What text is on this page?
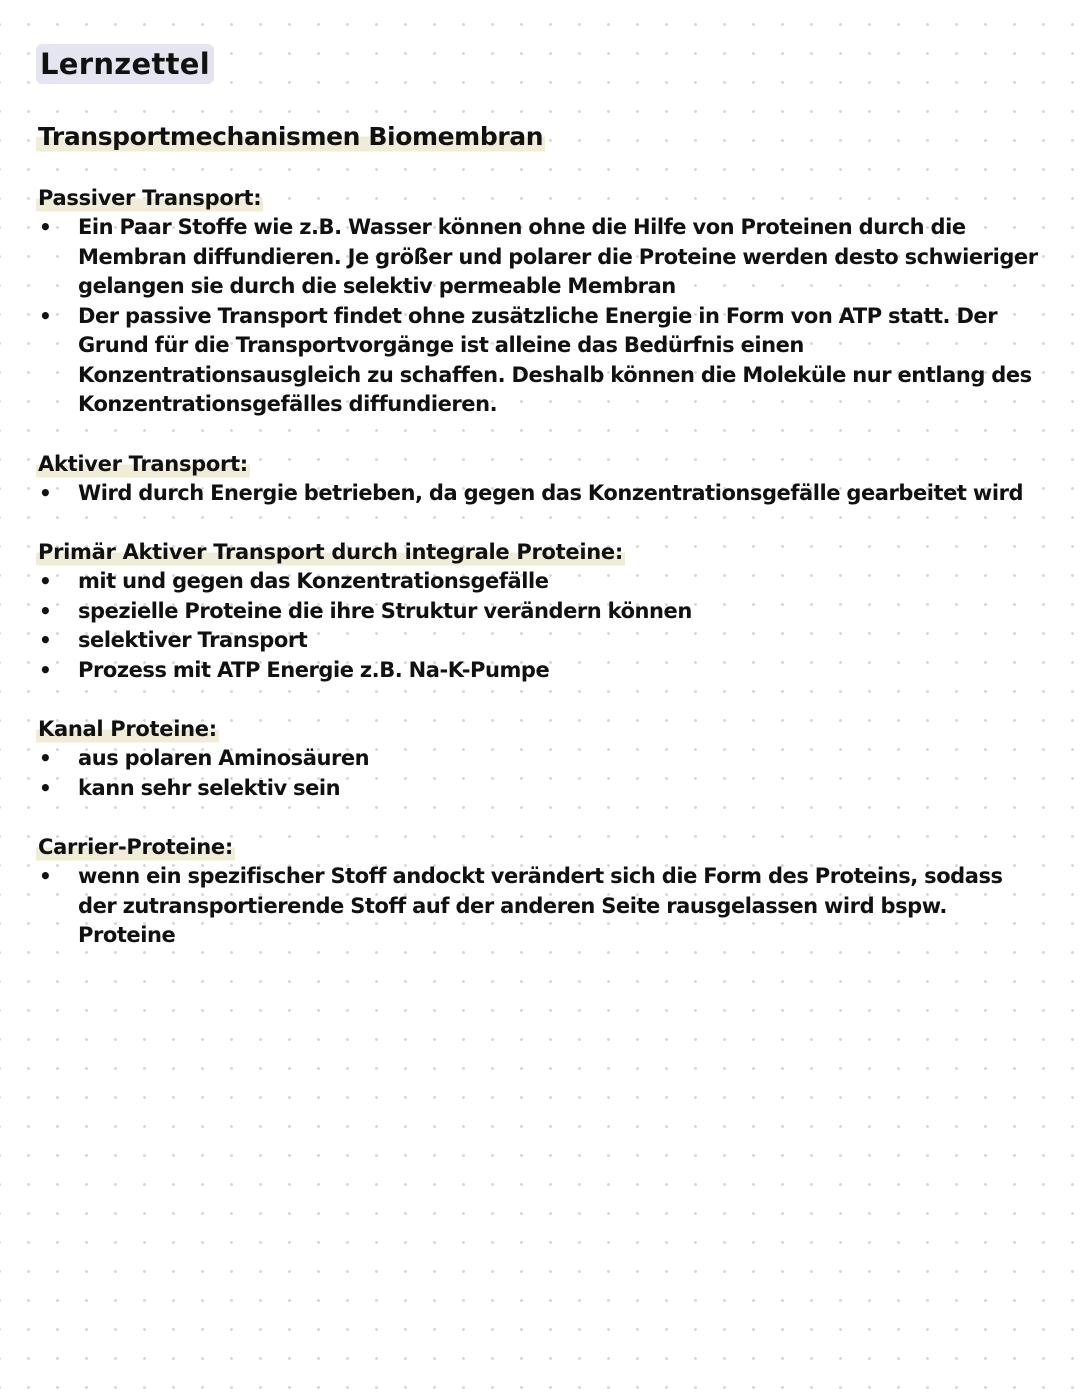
Lernzettel
Transportmechanismen Biomembran
Passiver Transport:
• Ein Paar Stoffe wie z.B. Wasser können ohne die Hilfe von Proteinen durch die Membran diffundieren. Je größer und polarer die Proteine werden desto schwieriger gelangen sie durch die selektiv permeable Membran
• Der passive Transport findet ohne zusätzliche Energie in Form von ATP statt. Der Grund für die Transportvorgänge ist alleine das Bedürfnis einen Konzentrationsausgleich zu schaffen. Deshalb können die Moleküle nur entlang des Konzentrationsgefälles diffundieren.
Aktiver Transport:
• Wird durch Energie betrieben, da gegen das Konzentrationsgefälle gearbeitet wird
Primär Aktiver Transport durch integrale Proteine:
• mit und gegen das Konzentrationsgefälle
• spezielle Proteine die ihre Struktur verändern können
• selektiver Transport
• Prozess mit ATP Energie z.B. Na-K-Pumpe
Kanal Proteine:
• aus polaren Aminosäuren
• kann sehr selektiv sein
Carrier-Proteine:
• wenn ein spezifischer Stoff andockt verändert sich die Form des Proteins, sodass der zutransportierende Stoff auf der anderen Seite rausgelassen wird bspw. Proteine
